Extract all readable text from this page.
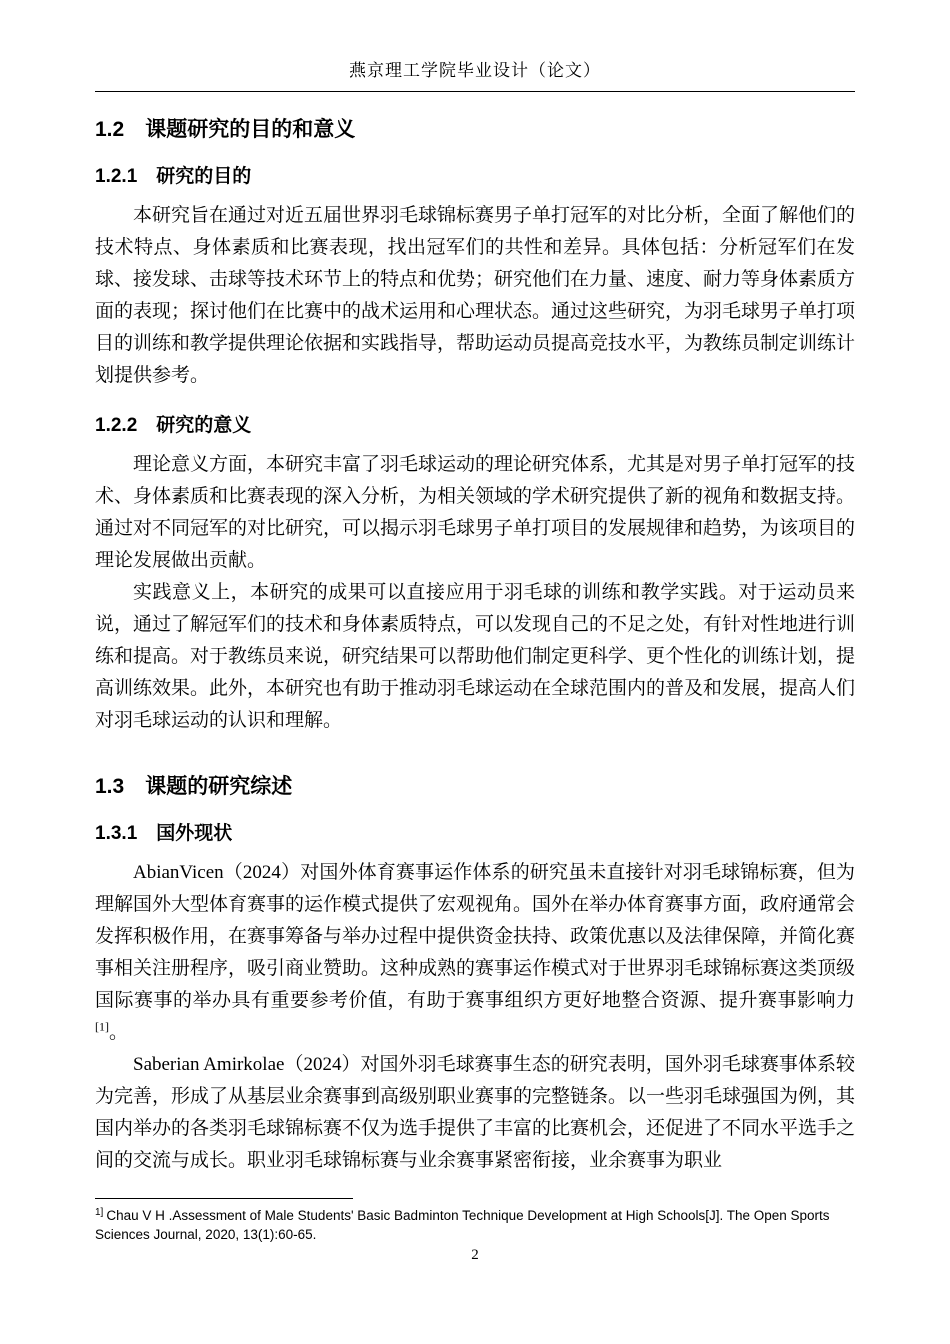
燕京理工学院毕业设计（论文）
1.2　课题研究的目的和意义
1.2.1　研究的目的

本研究旨在通过对近五届世界羽毛球锦标赛男子单打冠军的对比分析，全面了解他们的技术特点、身体素质和比赛表现，找出冠军们的共性和差异。具体包括：分析冠军们在发球、接发球、击球等技术环节上的特点和优势；研究他们在力量、速度、耐力等身体素质方面的表现；探讨他们在比赛中的战术运用和心理状态。通过这些研究，为羽毛球男子单打项目的训练和教学提供理论依据和实践指导，帮助运动员提高竞技水平，为教练员制定训练计划提供参考。

1.2.2　研究的意义

理论意义方面，本研究丰富了羽毛球运动的理论研究体系，尤其是对男子单打冠军的技术、身体素质和比赛表现的深入分析，为相关领域的学术研究提供了新的视角和数据支持。通过对不同冠军的对比研究，可以揭示羽毛球男子单打项目的发展规律和趋势，为该项目的理论发展做出贡献。

实践意义上，本研究的成果可以直接应用于羽毛球的训练和教学实践。对于运动员来说，通过了解冠军们的技术和身体素质特点，可以发现自己的不足之处，有针对性地进行训练和提高。对于教练员来说，研究结果可以帮助他们制定更科学、更个性化的训练计划，提高训练效果。此外，本研究也有助于推动羽毛球运动在全球范围内的普及和发展，提高人们对羽毛球运动的认识和理解。

1.3　课题的研究综述
1.3.1　国外现状

AbianVicen（2024）对国外体育赛事运作体系的研究虽未直接针对羽毛球锦标赛，但为理解国外大型体育赛事的运作模式提供了宏观视角。国外在举办体育赛事方面，政府通常会发挥积极作用，在赛事筹备与举办过程中提供资金扶持、政策优惠以及法律保障，并简化赛事相关注册程序，吸引商业赞助。这种成熟的赛事运作模式对于世界羽毛球锦标赛这类顶级国际赛事的举办具有重要参考价值，有助于赛事组织方更好地整合资源、提升赛事影响力[1]。

Saberian Amirkolae（2024）对国外羽毛球赛事生态的研究表明，国外羽毛球赛事体系较为完善，形成了从基层业余赛事到高级别职业赛事的完整链条。以一些羽毛球强国为例，其国内举办的各类羽毛球锦标赛不仅为选手提供了丰富的比赛机会，还促进了不同水平选手之间的交流与成长。职业羽毛球锦标赛与业余赛事紧密衔接，业余赛事为职业

$^{1]}$ Chau V H .Assessment of Male Students' Basic Badminton Technique Development at High Schools[J]. The Open Sports Sciences Journal, 2020, 13(1):60-65.
2
